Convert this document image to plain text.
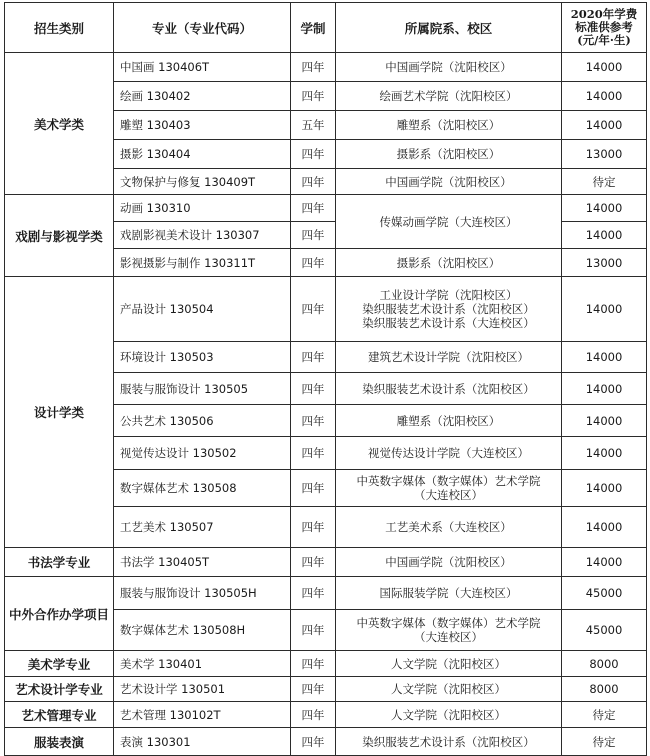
招生类别	专业（专业代码）	学制	所属院系、校区	2020年学费
标准供参考
(元/年·生)

美术学类	中国画 130406T	四年	中国画学院（沈阳校区）	14000
	绘画 130402	四年	绘画艺术学院（沈阳校区）	14000
	雕塑 130403	五年	雕塑系（沈阳校区）	14000
	摄影 130404	四年	摄影系（沈阳校区）	13000
	文物保护与修复 130409T	四年	中国画学院（沈阳校区）	待定
戏剧与影视学类	动画 130310	四年	传媒动画学院（大连校区）	14000
	戏剧影视美术设计 130307	四年		14000
	影视摄影与制作 130311T	四年	摄影系（沈阳校区）	13000
设计学类	产品设计 130504	四年	工业设计学院（沈阳校区）
染织服装艺术设计系（沈阳校区）
染织服装艺术设计系（大连校区）	14000
	环境设计 130503	四年	建筑艺术设计学院（沈阳校区）	14000
	服装与服饰设计 130505	四年	染织服装艺术设计系（沈阳校区）	14000
	公共艺术 130506	四年	雕塑系（沈阳校区）	14000
	视觉传达设计 130502	四年	视觉传达设计学院（大连校区）	14000
	数字媒体艺术 130508	四年	中英数字媒体（数字媒体）艺术学院
（大连校区）	14000
	工艺美术 130507	四年	工艺美术系（大连校区）	14000
书法学专业	书法学 130405T	四年	中国画学院（沈阳校区）	14000
中外合作办学项目	服装与服饰设计 130505H	四年	国际服装学院（大连校区）	45000
	数字媒体艺术 130508H	四年	中英数字媒体（数字媒体）艺术学院
（大连校区）	45000
美术学专业	美术学 130401	四年	人文学院（沈阳校区）	8000
艺术设计学专业	艺术设计学 130501	四年	人文学院（沈阳校区）	8000
艺术管理专业	艺术管理 130102T	四年	人文学院（沈阳校区）	待定
服装表演	表演 130301	四年	染织服装艺术设计系（沈阳校区）	待定
